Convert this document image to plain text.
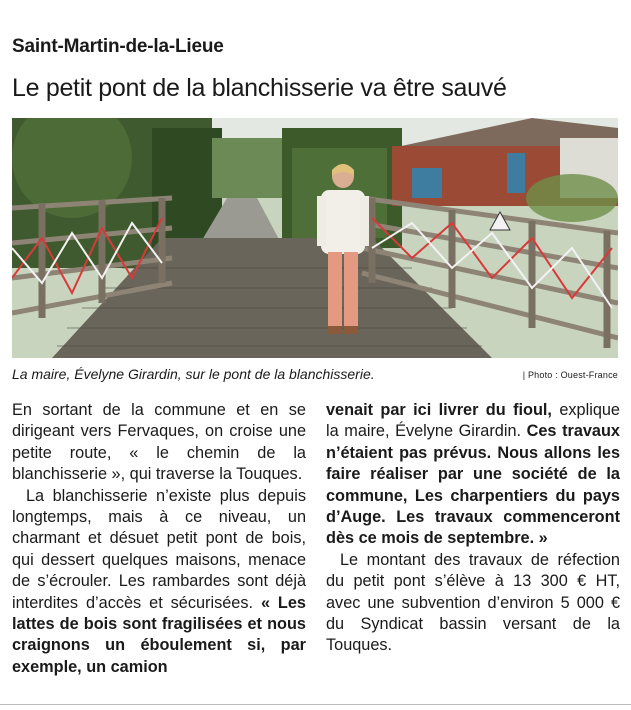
Saint-Martin-de-la-Lieue
Le petit pont de la blanchisserie va être sauvé
La maire, Évelyne Girardin, sur le pont de la blanchisserie.	| Photo : Ouest-France

En sortant de la commune et en se dirigeant vers Fervaques, on croise une petite route, « le chemin de la blanchisserie », qui traverse la Touques.

La blanchisserie n’existe plus depuis longtemps, mais à ce niveau, un charmant et désuet petit pont de bois, qui dessert quelques maisons, menace de s’écrouler. Les rambardes sont déjà interdites d’accès et sécurisées. « Les lattes de bois sont fragilisées et nous craignons un éboulement si, par exemple, un camion

venait par ici livrer du fioul, explique la maire, Évelyne Girardin. Ces travaux n’étaient pas prévus. Nous allons les faire réaliser par une société de la commune, Les charpentiers du pays d’Auge. Les travaux commenceront dès ce mois de septembre. »

Le montant des travaux de réfection du petit pont s’élève à 13 300 € HT, avec une subvention d’environ 5 000 € du Syndicat bassin versant de la Touques.
